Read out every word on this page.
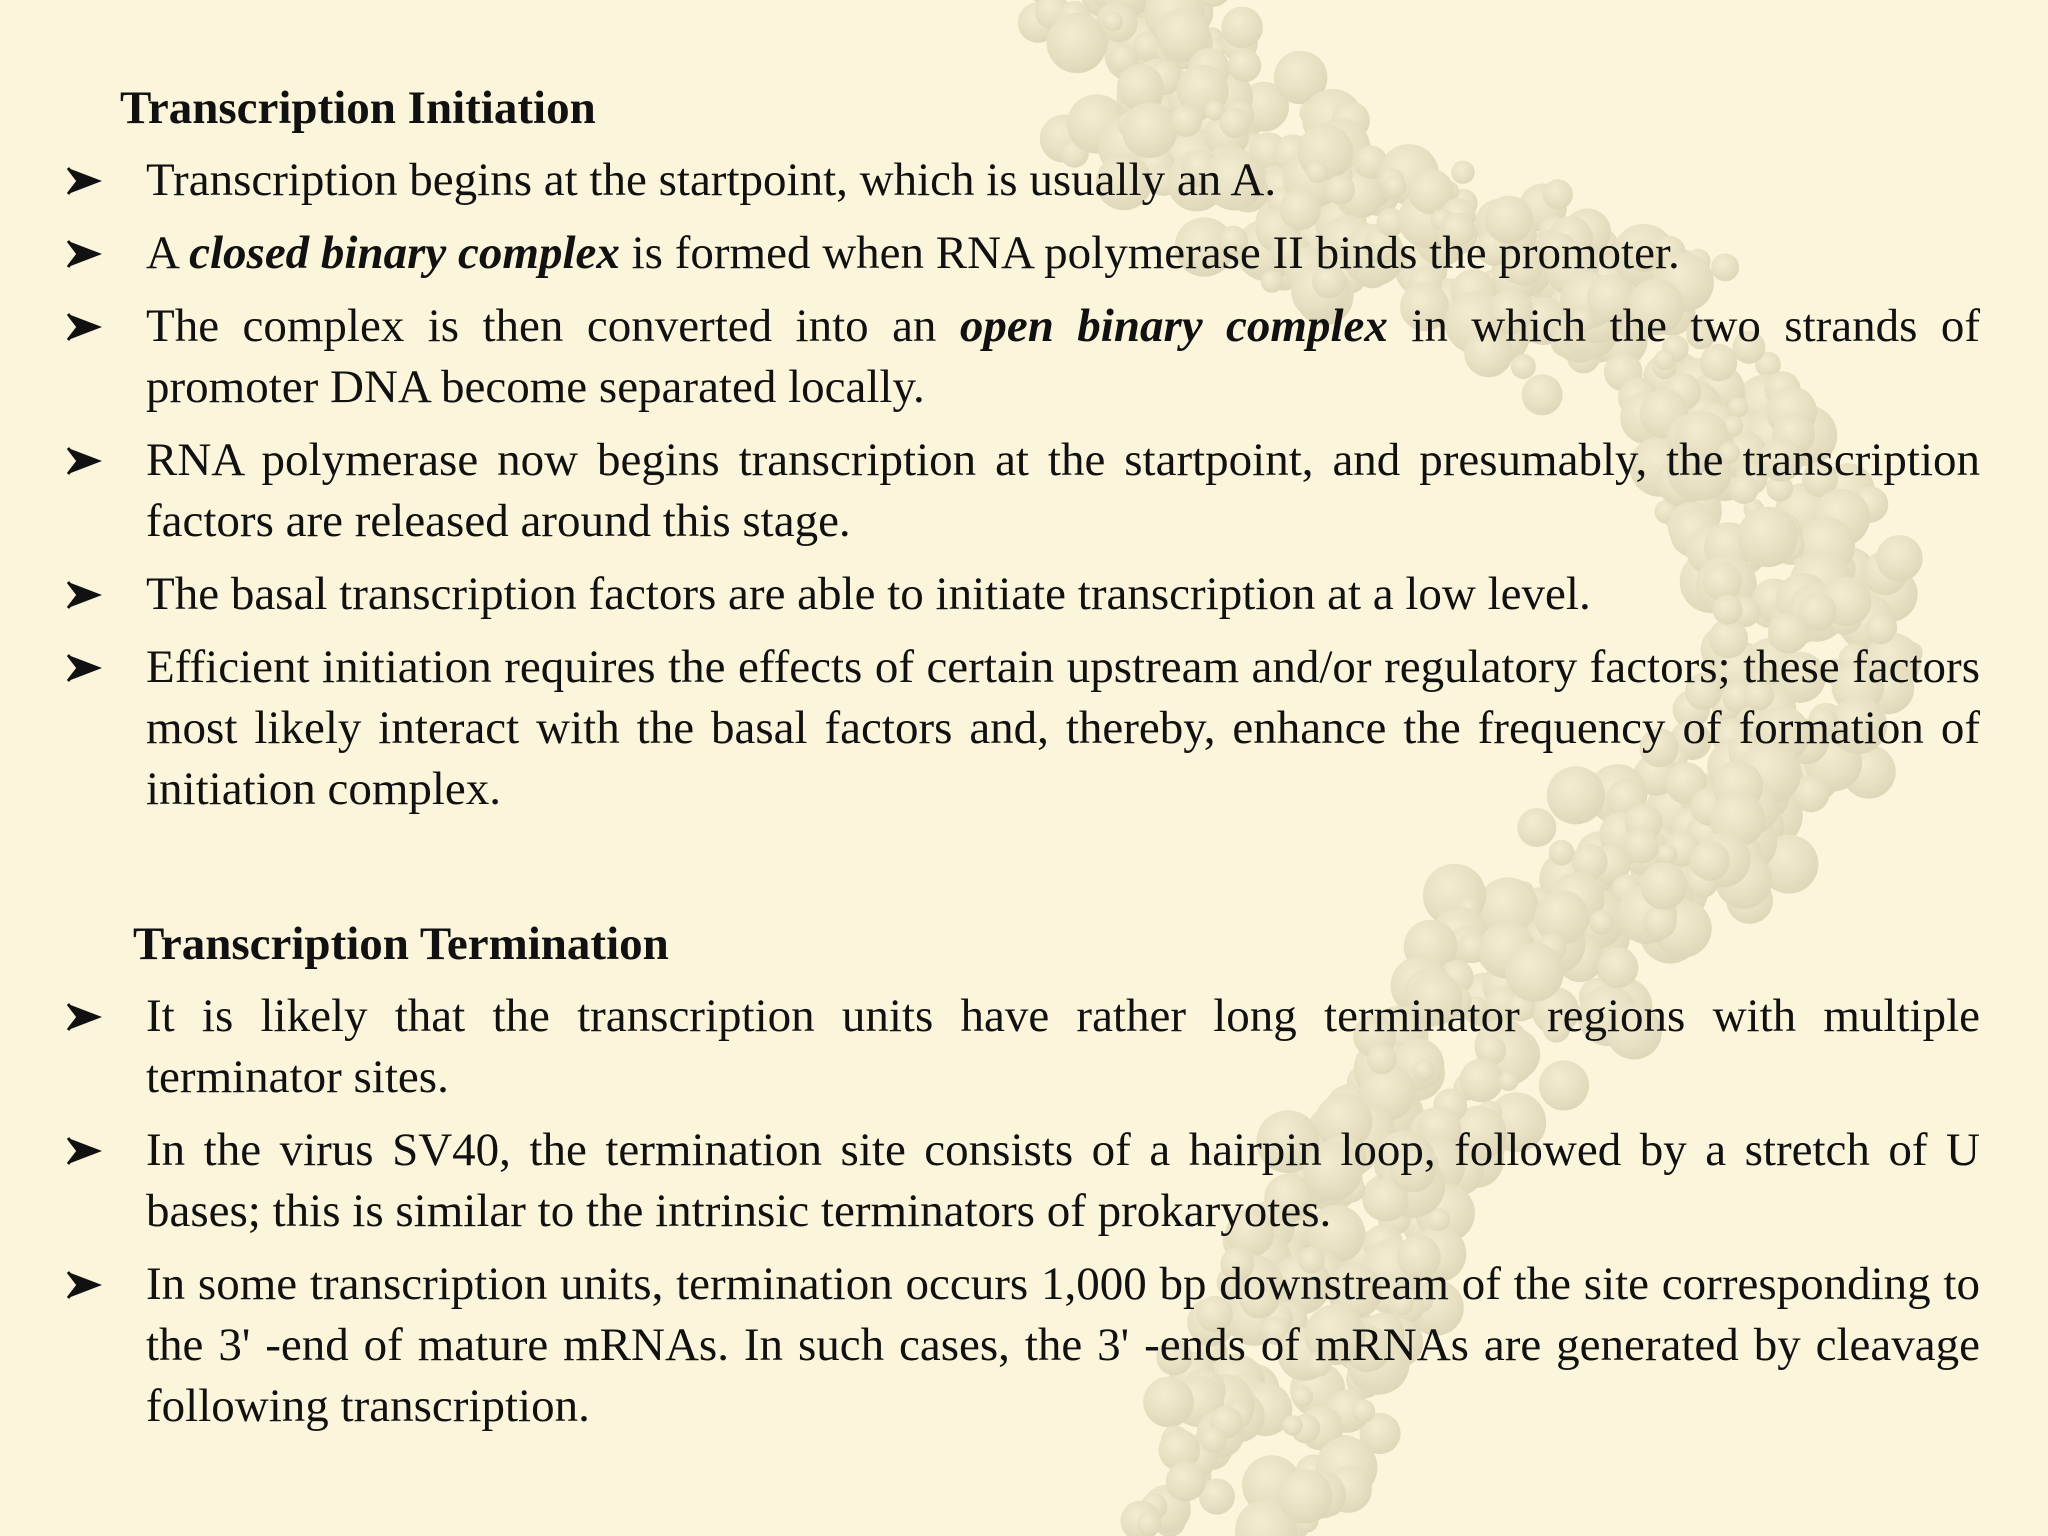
Transcription Initiation
Transcription begins at the startpoint, which is usually an A.
A closed binary complex is formed when RNA polymerase II binds the promoter.
The complex is then converted into an open binary complex in which the two strands of promoter DNA become separated locally.
RNA polymerase now begins transcription at the startpoint, and presumably, the transcription factors are released around this stage.
The basal transcription factors are able to initiate transcription at a low level.
Efficient initiation requires the effects of certain upstream and/or regulatory factors; these factors most likely interact with the basal factors and, thereby, enhance the frequency of formation of initiation complex.
Transcription Termination
It is likely that the transcription units have rather long terminator regions with multiple terminator sites.
In the virus SV40, the termination site consists of a hairpin loop, followed by a stretch of U bases; this is similar to the intrinsic terminators of prokaryotes.
In some transcription units, termination occurs 1,000 bp downstream of the site corresponding to the 3' -end of mature mRNAs. In such cases, the 3' -ends of mRNAs are generated by cleavage following transcription.
